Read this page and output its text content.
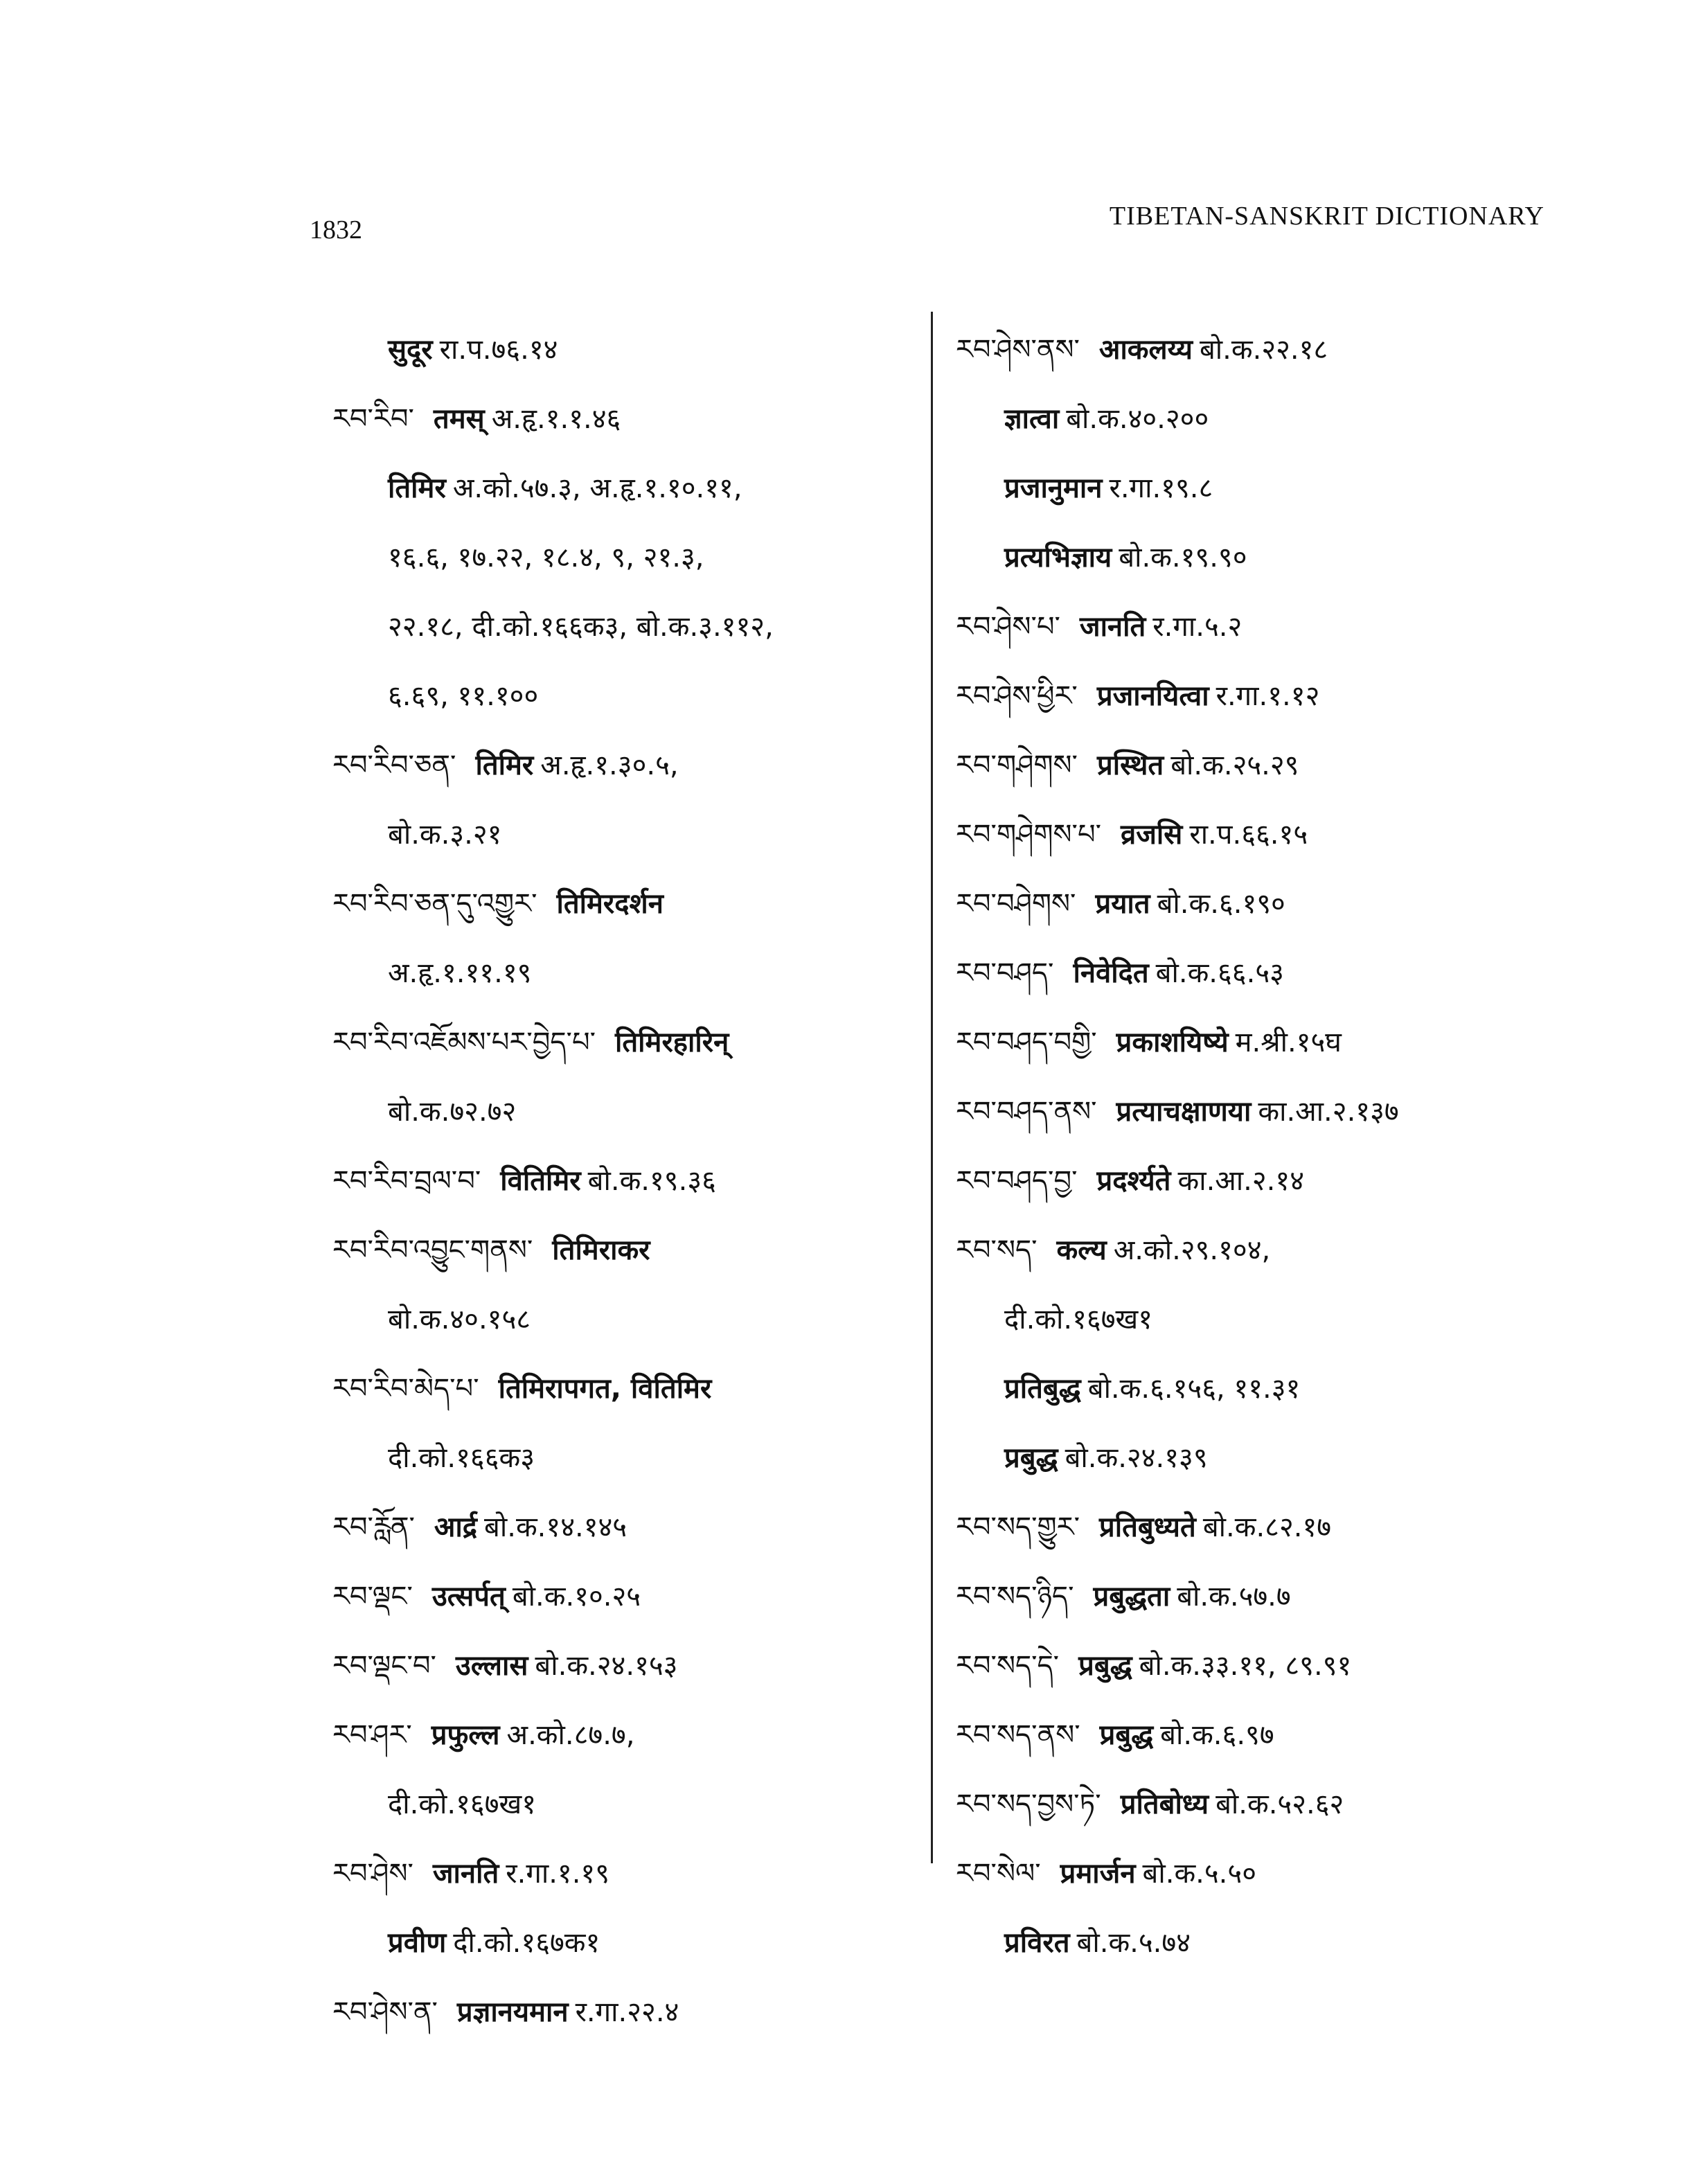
1832	TIBETAN-SANSKRIT DICTIONARY
सुदूर रा.प.७६.१४
རབ་རིབ་ तमस् अ.हृ.१.१.४६
तिमिर अ.को.५७.३, अ.हृ.१.१०.११,
१६.६, १७.२२, १८.४, ९, २१.३,
२२.१८, दी.को.१६६क३, बो.क.३.११२,
६.६९, ११.१००
རབ་རིབ་ཅན་ तिमिर अ.हृ.१.३०.५,
बो.क.३.२१
རབ་རིབ་ཅན་དུ་འགྱུར་ तिमिरदर्शन
अ.हृ.१.११.१९
རབ་རིབ་འཇོམས་པར་བྱེད་པ་ तिमिरहारिन्
बो.क.७२.७२
རབ་རིབ་བྲལ་བ་ वितिमिर बो.क.१९.३६
རབ་རིབ་འབྱུང་གནས་ तिमिराकर
बो.क.४०.१५८
རབ་རིབ་མེད་པ་ तिमिरापगत, वितिमिर
दी.को.१६६क३
རབ་རློན་ आर्द्र बो.क.१४.१४५
རབ་ལྡང་ उत्सर्पत् बो.क.१०.२५
རབ་ལྡང་བ་ उल्लास बो.क.२४.१५३
རབ་ཤར་ प्रफुल्ल अ.को.८७.७,
दी.को.१६७ख१
རབ་ཤེས་ जानति र.गा.१.१९
प्रवीण दी.को.१६७क१
རབ་ཤེས་ན་ प्रज्ञानयमान र.गा.२२.४
རབ་ཤེས་ནས་ आकलय्य बो.क.२२.१८
ज्ञात्वा बो.क.४०.२००
प्रजानुमान र.गा.१९.८
प्रत्यभिज्ञाय बो.क.१९.९०
རབ་ཤེས་པ་ जानति र.गा.५.२
རབ་ཤེས་ཕྱིར་ प्रजानयित्वा र.गा.१.१२
རབ་གཤེགས་ प्रस्थित बो.क.२५.२९
རབ་གཤེགས་པ་ व्रजसि रा.प.६६.१५
རབ་བཤེགས་ प्रयात बो.क.६.१९०
རབ་བཤད་ निवेदित बो.क.६६.५३
རབ་བཤད་བགྱི་ प्रकाशयिष्ये म.श्री.१५घ
རབ་བཤད་ནས་ प्रत्याचक्षाणया का.आ.२.१३७
རབ་བཤད་བྱ་ प्रदर्श्यते का.आ.२.१४
རབ་སད་ कल्य अ.को.२९.१०४,
दी.को.१६७ख१
प्रतिबुद्ध बो.क.६.१५६, ११.३१
प्रबुद्ध बो.क.२४.१३९
རབ་སད་གྱུར་ प्रतिबुध्यते बो.क.८२.१७
རབ་སད་ཉིད་ प्रबुद्धता बो.क.५७.७
རབ་སད་དེ་ प्रबुद्ध बो.क.३३.११, ८९.९१
རབ་སད་ནས་ प्रबुद्ध बो.क.६.९७
རབ་སད་བྱས་ཏེ་ प्रतिबोध्य बो.क.५२.६२
རབ་སེལ་ प्रमार्जन बो.क.५.५०
प्रविरत बो.क.५.७४
